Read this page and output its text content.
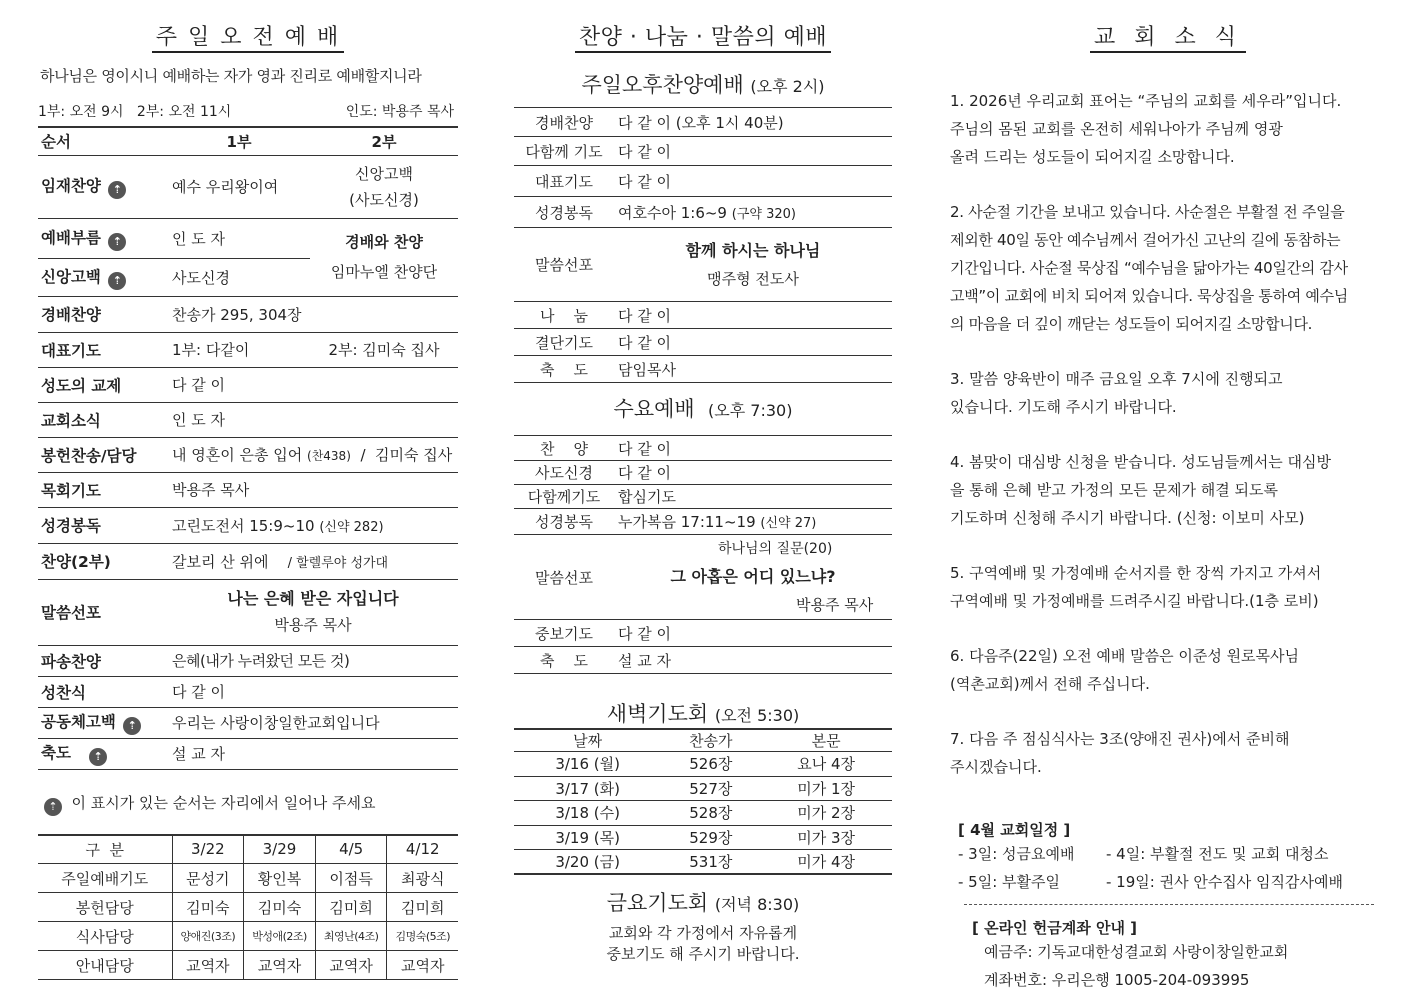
주 일 오 전 예 배
하나님은 영이시니 예배하는 자가 영과 진리로 예배할지니라
1부: 오전 9시   2부: 오전 11시	인도: 박용주 목사
순서	1부	2부
임재찬양 ⇡	예수 우리왕이여	신앙고백
(사도신경)

예배부름 ⇡	인 도 자	경배와 찬양
임마누엘 찬양단

신앙고백 ⇡	사도신경	
경배찬양	찬송가 295, 304장	
대표기도	1부: 다같이	2부: 김미숙 집사
성도의 교제	다 같 이	
교회소식	인 도 자	
봉헌찬송/담당	내 영혼이 은총 입어 (찬438) / 김미숙 집사	
목회기도	박용주 목사	
성경봉독	고린도전서 15:9~10 (신약 282)	
찬양(2부)	갈보리 산 위에 / 할렐루야 성가대	
말씀선포	나는 은혜 받은 자입니다
박용주 목사	

파송찬양	은혜(내가 누려왔던 모든 것)	
성찬식	다 같 이	
공동체고백 ⇡	우리는 사랑이창일한교회입니다	
축도 ⇡	설 교 자	
⇡ 이 표시가 있는 순서는 자리에서 일어나 주세요
구  분	3/22	3/29	4/5	4/12
주일예배기도	문성기	황인복	이점득	최광식
봉헌담당	김미숙	김미숙	김미희	김미희
식사담당	양애진(3조)	박성애(2조)	최영난(4조)	김명숙(5조)
안내담당	교역자	교역자	교역자	교역자
찬양 · 나눔 · 말씀의 예배
주일오후찬양예배 (오후 2시)
경배찬양	다 같 이 (오후 1시 40분)
다함께 기도	다 같 이
대표기도	다 같 이
성경봉독	여호수아 1:6~9 (구약 320)
말씀선포	함께 하시는 하나님
맹주형 전도사

나    눔	다 같 이
결단기도	다 같 이
축    도	담임목사
수요예배 (오후 7:30)
찬    양	다 같 이
사도신경	다 같 이
다함께기도	합심기도
성경봉독	누가복음 17:11~19 (신약 27)
말씀선포	하나님의 질문(20)
그 아홉은 어디 있느냐?
박용주 목사

중보기도	다 같 이
축    도	설 교 자
새벽기도회 (오전 5:30)
날짜	찬송가	본문
3/16 (월)	526장	요나 4장
3/17 (화)	527장	미가 1장
3/18 (수)	528장	미가 2장
3/19 (목)	529장	미가 3장
3/20 (금)	531장	미가 4장
금요기도회 (저녁 8:30)
교회와 각 가정에서 자유롭게
중보기도 해 주시기 바랍니다.
교 회 소 식
1. 2026년 우리교회 표어는 “주님의 교회를 세우라”입니다.
주님의 몸된 교회를 온전히 세워나아가 주님께 영광
올려 드리는 성도들이 되어지길 소망합니다.
2. 사순절 기간을 보내고 있습니다. 사순절은 부활절 전 주일을
제외한 40일 동안 예수님께서 걸어가신 고난의 길에 동참하는
기간입니다. 사순절 묵상집 “예수님을 닮아가는 40일간의 감사
고백”이 교회에 비치 되어져 있습니다. 묵상집을 통하여 예수님
의 마음을 더 깊이 깨닫는 성도들이 되어지길 소망합니다.
3. 말씀 양육반이 매주 금요일 오후 7시에 진행되고
있습니다. 기도해 주시기 바랍니다.
4. 봄맞이 대심방 신청을 받습니다. 성도님들께서는 대심방
을 통해 은혜 받고 가정의 모든 문제가 해결 되도록
기도하며 신청해 주시기 바랍니다. (신청: 이보미 사모)
5. 구역예배 및 가정예배 순서지를 한 장씩 가지고 가셔서
구역예배 및 가정예배를 드려주시길 바랍니다.(1층 로비)
6. 다음주(22일) 오전 예배 말씀은 이준성 원로목사님
(역촌교회)께서 전해 주십니다.
7. 다음 주 점심식사는 3조(양애진 권사)에서 준비해
주시겠습니다.
[ 4월 교회일정 ]
- 3일: 성금요예배	- 4일: 부활절 전도 및 교회 대청소
- 5일: 부활주일	- 19일: 권사 안수집사 임직감사예배
[ 온라인 헌금계좌 안내 ]
예금주: 기독교대한성결교회 사랑이창일한교회
계좌번호: 우리은행 1005-204-093995
